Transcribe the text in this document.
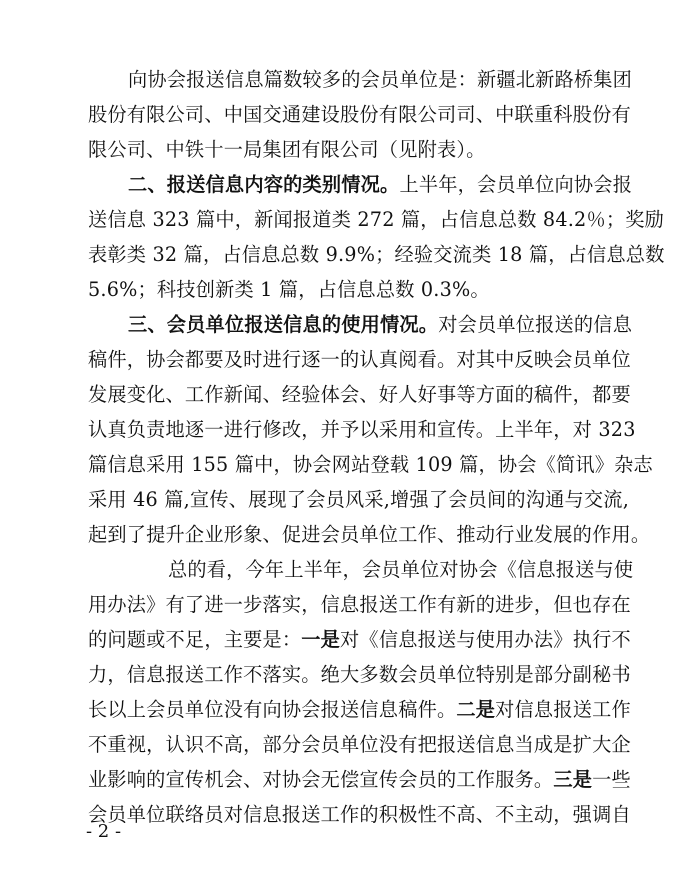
向协会报送信息篇数较多的会员单位是：新疆北新路桥集团
股份有限公司、中国交通建设股份有限公司司、中联重科股份有
限公司、中铁十一局集团有限公司（见附表）。
二、报送信息内容的类别情况。上半年，会员单位向协会报
送信息 323 篇中，新闻报道类 272 篇，占信息总数 84.2％；奖励
表彰类 32 篇，占信息总数 9.9%；经验交流类 18 篇，占信息总数
5.6%；科技创新类 1 篇，占信息总数 0.3%。
三、会员单位报送信息的使用情况。对会员单位报送的信息
稿件，协会都要及时进行逐一的认真阅看。对其中反映会员单位
发展变化、工作新闻、经验体会、好人好事等方面的稿件，都要
认真负责地逐一进行修改，并予以采用和宣传。上半年，对 323
篇信息采用 155 篇中，协会网站登载 109 篇，协会《简讯》杂志
采用 46 篇,宣传、展现了会员风采,增强了会员间的沟通与交流,
起到了提升企业形象、促进会员单位工作、推动行业发展的作用。
总的看，今年上半年，会员单位对协会《信息报送与使
用办法》有了进一步落实，信息报送工作有新的进步，但也存在
的问题或不足，主要是：一是对《信息报送与使用办法》执行不
力，信息报送工作不落实。绝大多数会员单位特别是部分副秘书
长以上会员单位没有向协会报送信息稿件。二是对信息报送工作
不重视，认识不高，部分会员单位没有把报送信息当成是扩大企
业影响的宣传机会、对协会无偿宣传会员的工作服务。三是一些
会员单位联络员对信息报送工作的积极性不高、不主动，强调自
- 2 -
